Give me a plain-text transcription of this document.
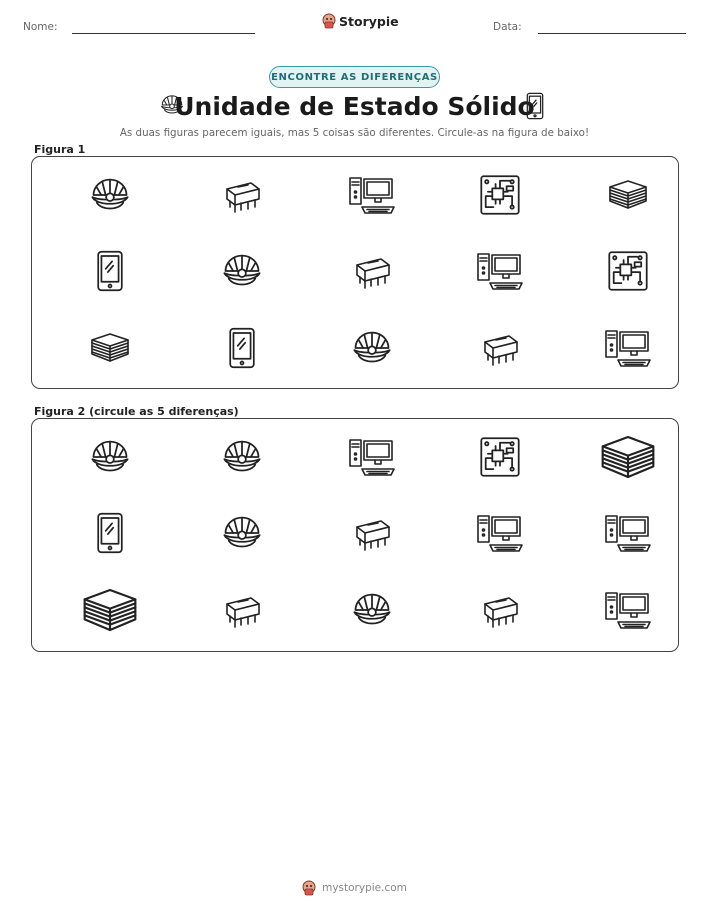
Nome:	Storypie	Data:
ENCONTRE AS DIFERENÇAS
Unidade de Estado Sólido
As duas figuras parecem iguais, mas 5 coisas são diferentes. Circule-as na figura de baixo!
Figura 1
Figura 2 (circule as 5 diferenças)
mystorypie.com
